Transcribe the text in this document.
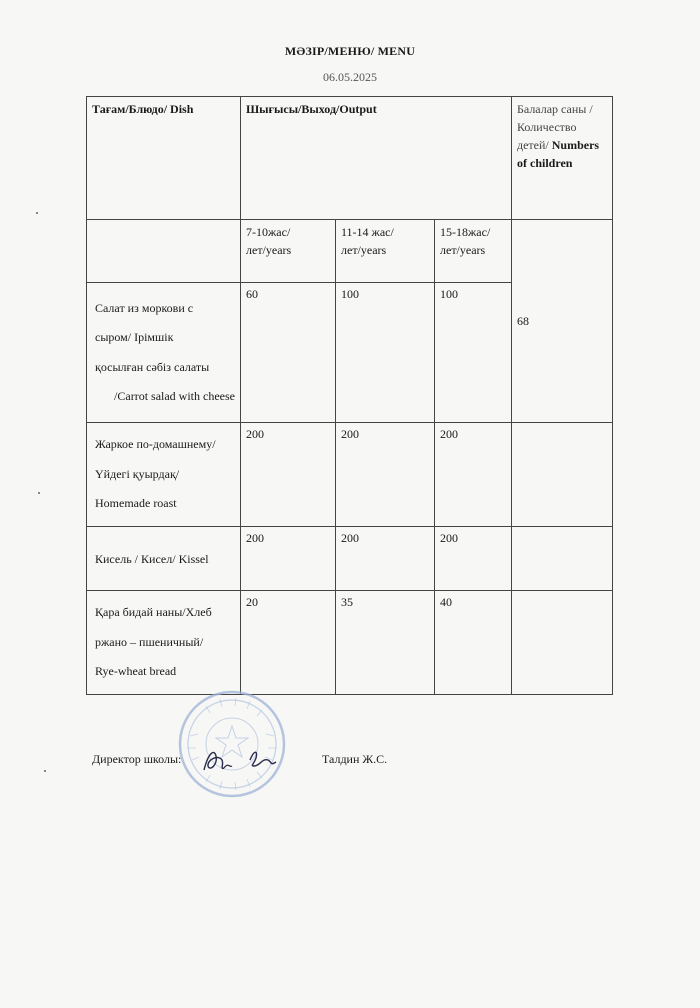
МӘЗІР/МЕНЮ/ MENU
06.05.2025
Тағам/Блюдо/ Dish	Шығысы/Выход/Output			Балалар саны /Количество детей/ Numbers of children
	7-10жас/лет/years	11-14 жас/лет/years	15-18жас/лет/years	68

Салат из моркови с
сыром/ Ірімшік
қосылған сәбіз салаты
/Carrot salad with cheese	60	100	100	

Жаркое по-домашнему/
Үйдегі қуырдақ/
Homemade roast	200	200	200	

Кисель / Кисел/ Kissel	200	200	200	

Қара бидай наны/Хлеб
ржано – пшеничный/
Rye-wheat bread	20	35	40	
Директор школы:	Талдин Ж.С.
